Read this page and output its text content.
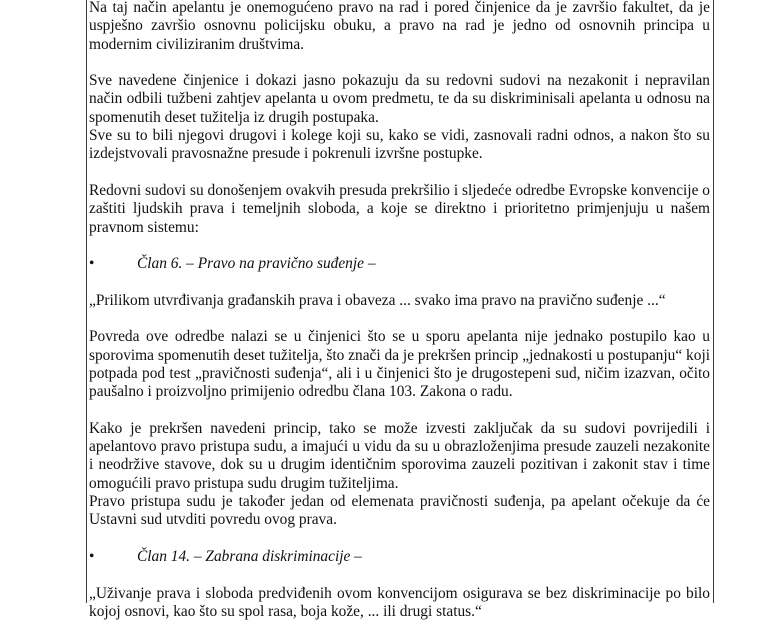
Na taj način apelantu je onemogućeno pravo na rad i pored činjenice da je završio fakultet, da je uspješno završio osnovnu policijsku obuku, a pravo na rad je jedno od osnovnih principa u modernim civiliziranim društvima.

Sve navedene činjenice i dokazi jasno pokazuju da su redovni sudovi na nezakonit i nepravilan način odbili tužbeni zahtjev apelanta u ovom predmetu, te da su diskriminisali apelanta u odnosu na spomenutih deset tužitelja iz drugih postupaka.

Sve su to bili njegovi drugovi i kolege koji su, kako se vidi, zasnovali radni odnos, a nakon što su izdejstvovali pravosnažne presude i pokrenuli izvršne postupke.

Redovni sudovi su donošenjem ovakvih presuda prekršilio i sljedeće odredbe Evropske konvencije o zaštiti ljudskih prava i temeljnih sloboda, a koje se direktno i prioritetno primjenjuju u našem pravnom sistemu:

•	Član 6. – Pravo na pravično suđenje –

„Prilikom utvrđivanja građanskih prava i obaveza ... svako ima pravo na pravično suđenje ...“

Povreda ove odredbe nalazi se u činjenici što se u sporu apelanta nije jednako postupilo kao u sporovima spomenutih deset tužitelja, što znači da je prekršen princip „jednakosti u postupanju“ koji potpada pod test „pravičnosti suđenja“, ali i u činjenici što je drugostepeni sud, ničim izazvan, očito paušalno i proizvoljno primijenio odredbu člana 103. Zakona o radu.

Kako je prekršen navedeni princip, tako se može izvesti zaključak da su sudovi povrijedili i apelantovo pravo pristupa sudu, a imajući u vidu da su u obrazloženjima presude zauzeli nezakonite i neodržive stavove, dok su u drugim identičnim sporovima zauzeli pozitivan i zakonit stav i time omogućili pravo pristupa sudu drugim tužiteljima.

Pravo pristupa sudu je također jedan od elemenata pravičnosti suđenja, pa apelant očekuje da će Ustavni sud utvditi povredu ovog prava.

•	Član 14. – Zabrana diskriminacije –

„Uživanje prava i sloboda predviđenih ovom konvencijom osigurava se bez diskriminacije po bilo kojoj osnovi, kao što su spol rasa, boja kože, ... ili drugi status.“
